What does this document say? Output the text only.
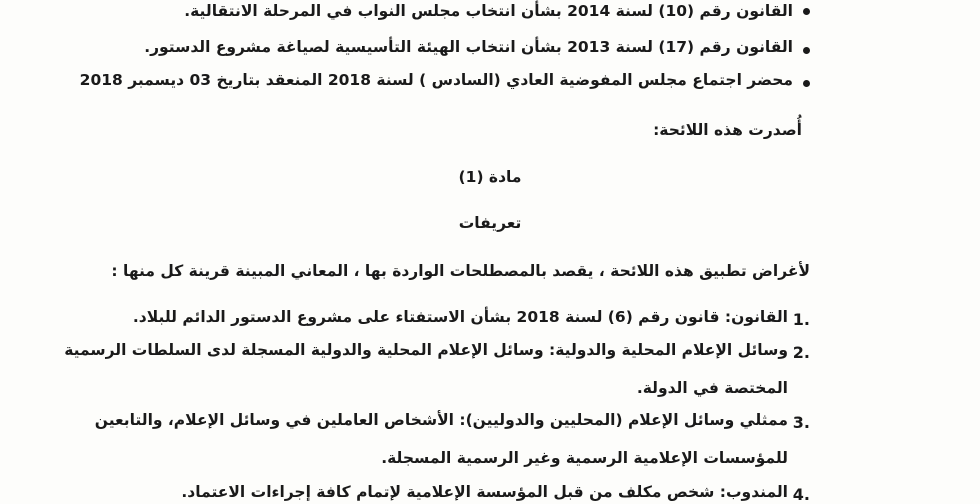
القانون رقم (10) لسنة 2014 بشأن انتخاب مجلس النواب في المرحلة الانتقالية.
القانون رقم (17) لسنة 2013 بشأن انتخاب الهيئة التأسيسية لصياغة مشروع الدستور.
محضر اجتماع مجلس المفوضية العادي (السادس ) لسنة 2018 المنعقد بتاريخ 03 ديسمبر 2018
أُصدرت هذه اللائحة:
مادة (1)
تعريفات
لأغراض تطبيق هذه اللائحة ، يقصد بالمصطلحات الواردة بها ، المعاني المبينة قرينة كل منها :
1.
القانون: قانون رقم (6) لسنة 2018 بشأن الاستفتاء على مشروع الدستور الدائم للبلاد.
2.
وسائل الإعلام المحلية والدولية: وسائل الإعلام المحلية والدولية المسجلة لدى السلطات الرسمية
المختصة في الدولة.
3.
ممثلي وسائل الإعلام (المحليين والدوليين): الأشخاص العاملين في وسائل الإعلام، والتابعين
للمؤسسات الإعلامية الرسمية وغير الرسمية المسجلة.
4.
المندوب: شخص مكلف من قبل المؤسسة الإعلامية لإتمام كافة إجراءات الاعتماد.
